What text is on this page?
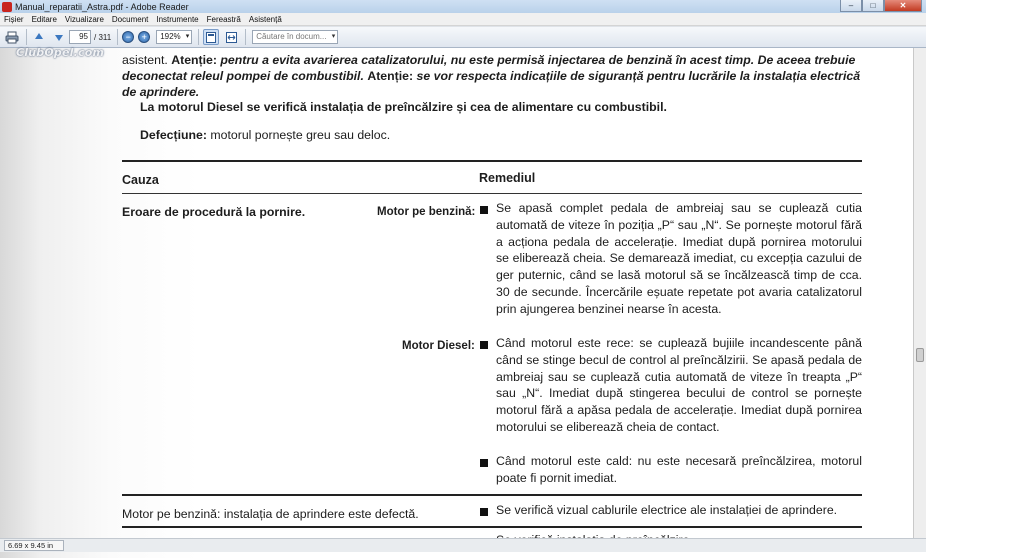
Manual_reparatii_Astra.pdf - Adobe Reader	–	□	✕
Fișier	Editare	Vizualizare	Document	Instrumente	Fereastră	Asistență
95 / 311 − +	192% ▾	Căutare în docum... ▾
asistent. Atenție: pentru a evita avarierea catalizatorului, nu este permisă injectarea de benzină în acest timp. De aceea trebuie deconectat releul pompei de combustibil. Atenție: se vor respecta indicațiile de siguranță pentru lucrările la instalația electrică de aprindere.
La motorul Diesel se verifică instalația de preîncălzire și cea de alimentare cu combustibil.
Defecțiune: motorul pornește greu sau deloc.
Cauza	Remediul
Eroare de procedură la pornire.	Motor pe benzină: Se apasă complet pedala de ambreiaj sau se cuplează cutia automată de viteze în poziția „P“ sau „N“. Se pornește motorul fără a acționa pedala de accelerație. Imediat după pornirea motorului se eliberează cheia. Se demarează imediat, cu excepția cazului de ger puternic, când se lasă motorul să se încălzească timp de cca. 30 de secunde. Încercările eșuate repetate pot avaria catalizatorul prin ajungerea benzinei nearse în acesta.
Motor Diesel: Când motorul este rece: se cuplează bujiile incandescente până când se stinge becul de control al preîncălzirii. Se apasă pedala de ambreiaj sau se cuplează cutia automată de viteze în treapta „P“ sau „N“. Imediat după stingerea becului de control se pornește motorul fără a apăsa pedala de accelerație. Imediat după pornirea motorului se eliberează cheia de contact.
Când motorul este cald: nu este necesară preîncălzirea, motorul poate fi pornit imediat.
Motor pe benzină: instalația de aprindere este defectă.	Se verifică vizual cablurile electrice ale instalației de aprindere.
ClubOpel.com
6.69 x 9.45 in
